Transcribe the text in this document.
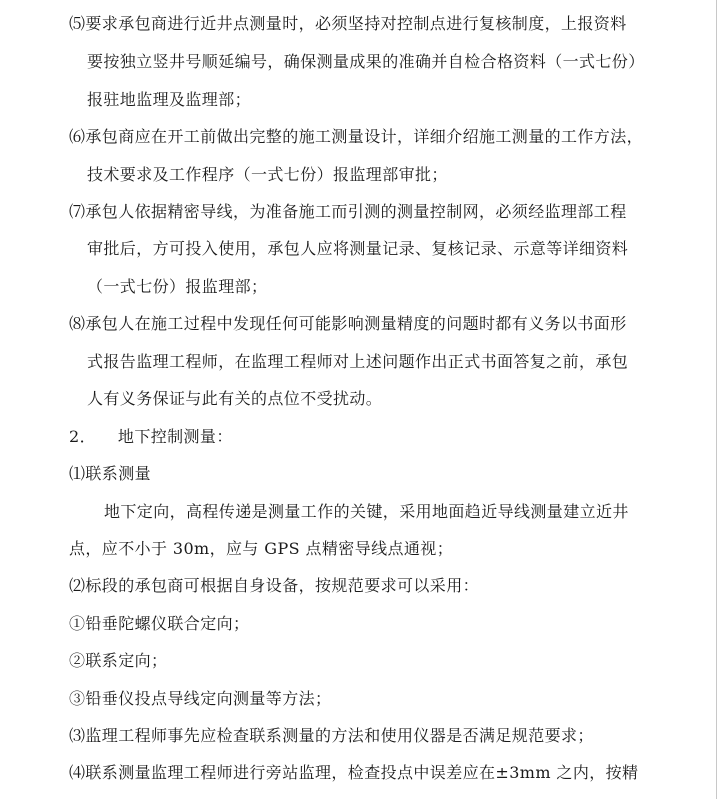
⑸要求承包商进行近井点测量时，必须坚持对控制点进行复核制度，上报资料
要按独立竖井号顺延编号，确保测量成果的准确并自检合格资料（一式七份）
报驻地监理及监理部；
⑹承包商应在开工前做出完整的施工测量设计，详细介绍施工测量的工作方法，
技术要求及工作程序（一式七份）报监理部审批；
⑺承包人依据精密导线，为准备施工而引测的测量控制网，必须经监理部工程
审批后，方可投入使用，承包人应将测量记录、复核记录、示意等详细资料
（一式七份）报监理部；
⑻承包人在施工过程中发现任何可能影响测量精度的问题时都有义务以书面形
式报告监理工程师，在监理工程师对上述问题作出正式书面答复之前，承包
人有义务保证与此有关的点位不受扰动。
2．    地下控制测量：
⑴联系测量
地下定向，高程传递是测量工作的关键，采用地面趋近导线测量建立近井
点，应不小于 30m，应与 GPS 点精密导线点通视；
⑵标段的承包商可根据自身设备，按规范要求可以采用：
①铅垂陀螺仪联合定向；
②联系定向；
③铅垂仪投点导线定向测量等方法；
⑶监理工程师事先应检查联系测量的方法和使用仪器是否满足规范要求；
⑷联系测量监理工程师进行旁站监理，检查投点中误差应在±3mm 之内，按精
